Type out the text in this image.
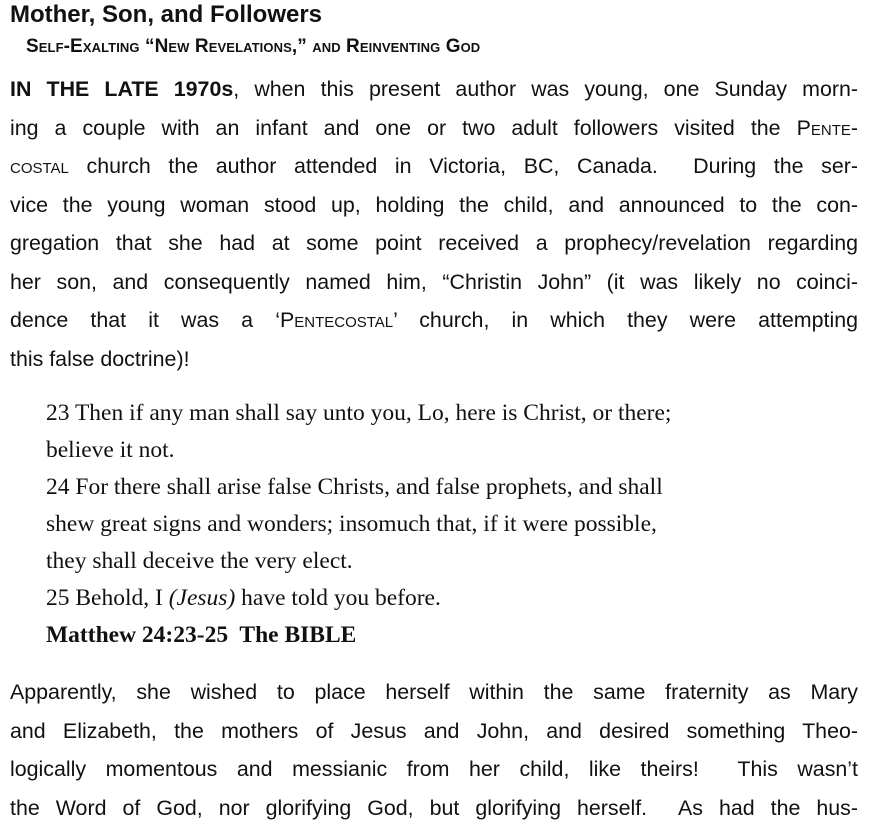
Mother, Son, and Followers
Self-Exalting “New Revelations,” and Reinventing God

IN THE LATE 1970s, when this present author was young, one Sunday morn-
ing a couple with an infant and one or two adult followers visited the Pente-
costal church the author attended in Victoria, BC, Canada.  During the ser-
vice the young woman stood up, holding the child, and announced to the con-
gregation that she had at some point received a prophecy/revelation regarding
her son, and consequently named him, “Christin John” (it was likely no coinci-
dence that it was a ‘Pentecostal’ church, in which they were attempting
this false doctrine)!

23 Then if any man shall say unto you, Lo, here is Christ, or there;
believe it not.
24 For there shall arise false Christs, and false prophets, and shall
shew great signs and wonders; insomuch that, if it were possible,
they shall deceive the very elect.
25 Behold, I (Jesus) have told you before.
Matthew 24:23-25  The BIBLE

Apparently, she wished to place herself within the same fraternity as Mary
and Elizabeth, the mothers of Jesus and John, and desired something Theo-
logically momentous and messianic from her child, like theirs!  This wasn’t
the Word of God, nor glorifying God, but glorifying herself.  As had the hus-
